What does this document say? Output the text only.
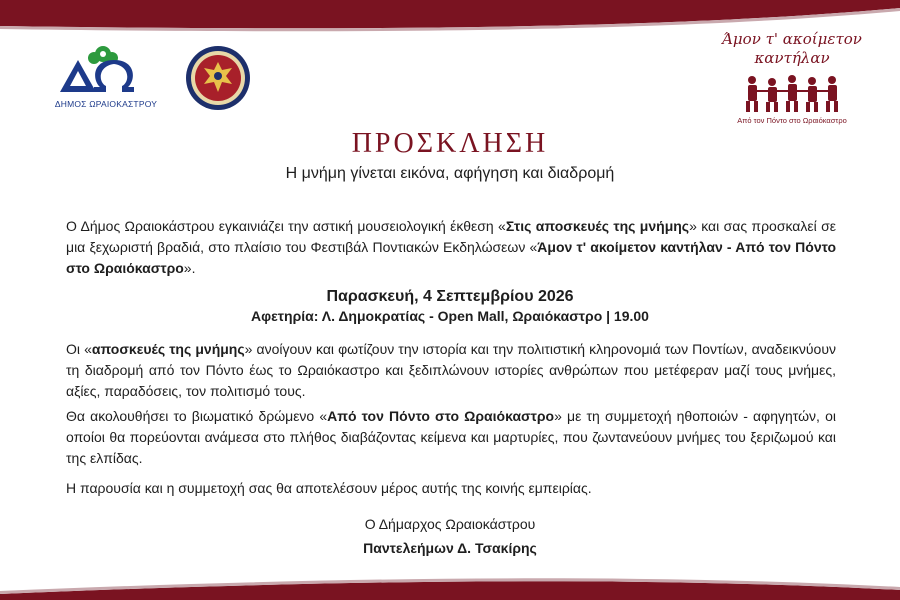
ΔΗΜΟΣ ΩΡΑΙΟΚΑΣΤΡΟΥ
Άμον τ' ακοίμετον
καντήλαν
Από τον Πόντο στο Ωραιόκαστρο
ΠΡΟΣΚΛΗΣΗ
Η μνήμη γίνεται εικόνα, αφήγηση και διαδρομή
Ο Δήμος Ωραιοκάστρου εγκαινιάζει την αστική μουσειολογική έκθεση «Στις αποσκευές της μνήμης» και σας προσκαλεί σε μια ξεχωριστή βραδιά, στο πλαίσιο του Φεστιβάλ Ποντιακών Εκδηλώσεων «Άμον τ' ακοίμετον καντήλαν - Από τον Πόντο στο Ωραιόκαστρο».
Παρασκευή, 4 Σεπτεμβρίου 2026
Αφετηρία: Λ. Δημοκρατίας - Open Mall, Ωραιόκαστρο | 19.00
Οι «αποσκευές της μνήμης» ανοίγουν και φωτίζουν την ιστορία και την πολιτιστική κληρονομιά των Ποντίων, αναδεικνύουν τη διαδρομή από τον Πόντο έως το Ωραιόκαστρο και ξεδιπλώνουν ιστορίες ανθρώπων που μετέφεραν μαζί τους μνήμες, αξίες, παραδόσεις, τον πολιτισμό τους.
Θα ακολουθήσει το βιωματικό δρώμενο «Από τον Πόντο στο Ωραιόκαστρο» με τη συμμετοχή ηθοποιών - αφηγητών, οι οποίοι θα πορεύονται ανάμεσα στο πλήθος διαβάζοντας κείμενα και μαρτυρίες, που ζωντανεύουν μνήμες του ξεριζωμού και της ελπίδας.
Η παρουσία και η συμμετοχή σας θα αποτελέσουν μέρος αυτής της κοινής εμπειρίας.
Ο Δήμαρχος Ωραιοκάστρου
Παντελεήμων Δ. Τσακίρης
